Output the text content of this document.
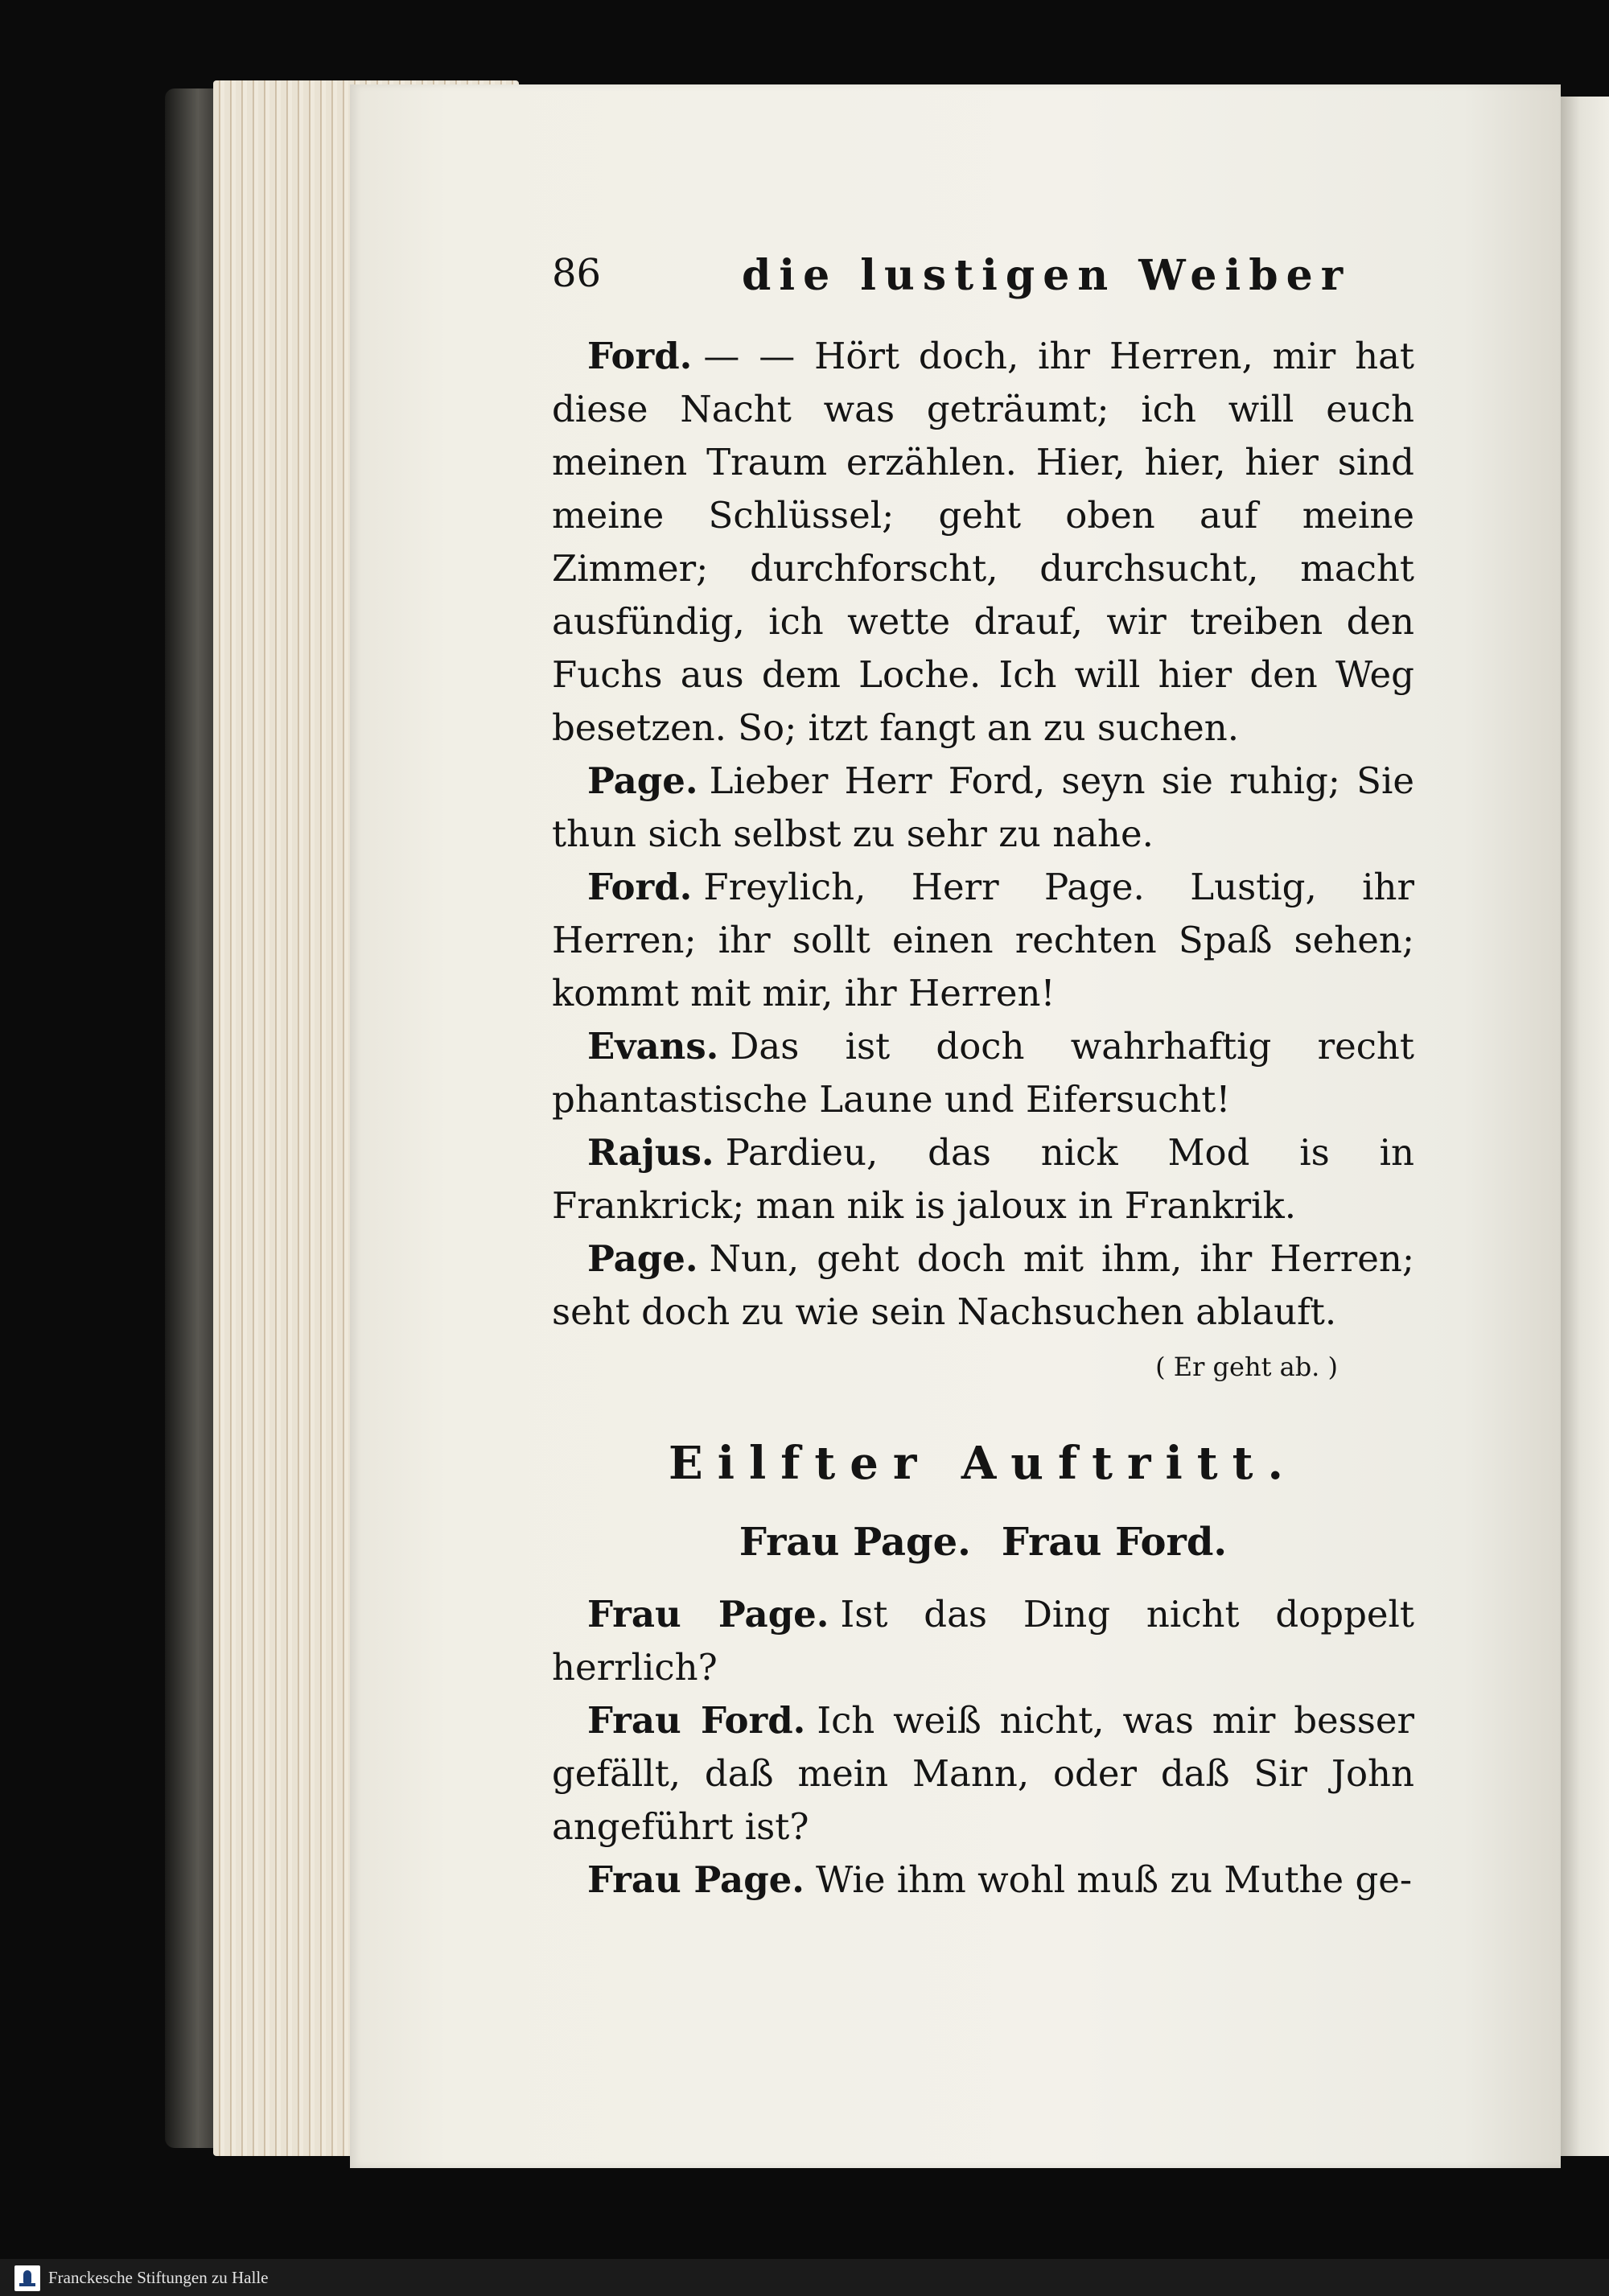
86	die lustigen Weiber

Ford. — — Hört doch, ihr Herren, mir hat diese Nacht was geträumt; ich will euch meinen Traum erzählen. Hier, hier, hier sind meine Schlüssel; geht oben auf meine Zimmer; durchforscht, durchsucht, macht ausfündig, ich wette drauf, wir treiben den Fuchs aus dem Loche. Ich will hier den Weg besetzen. So; itzt fangt an zu suchen.

Page. Lieber Herr Ford, seyn sie ruhig; Sie thun sich selbst zu sehr zu nahe.

Ford. Freylich, Herr Page. Lustig, ihr Herren; ihr sollt einen rechten Spaß sehen; kommt mit mir, ihr Herren!

Evans. Das ist doch wahrhaftig recht phantastische Laune und Eifersucht!

Rajus. Pardieu, das nick Mod is in Frankrick; man nik is jaloux in Frankrik.

Page. Nun, geht doch mit ihm, ihr Herren; seht doch zu wie sein Nachsuchen ablauft.

( Er geht ab. )
Eilfter Auftritt.
Frau Page. Frau Ford.

Frau Page. Ist das Ding nicht doppelt herrlich?

Frau Ford. Ich weiß nicht, was mir besser gefällt, daß mein Mann, oder daß Sir John angeführt ist?

Frau Page. Wie ihm wohl muß zu Muthe ge-

Franckesche Stiftungen zu Halle
